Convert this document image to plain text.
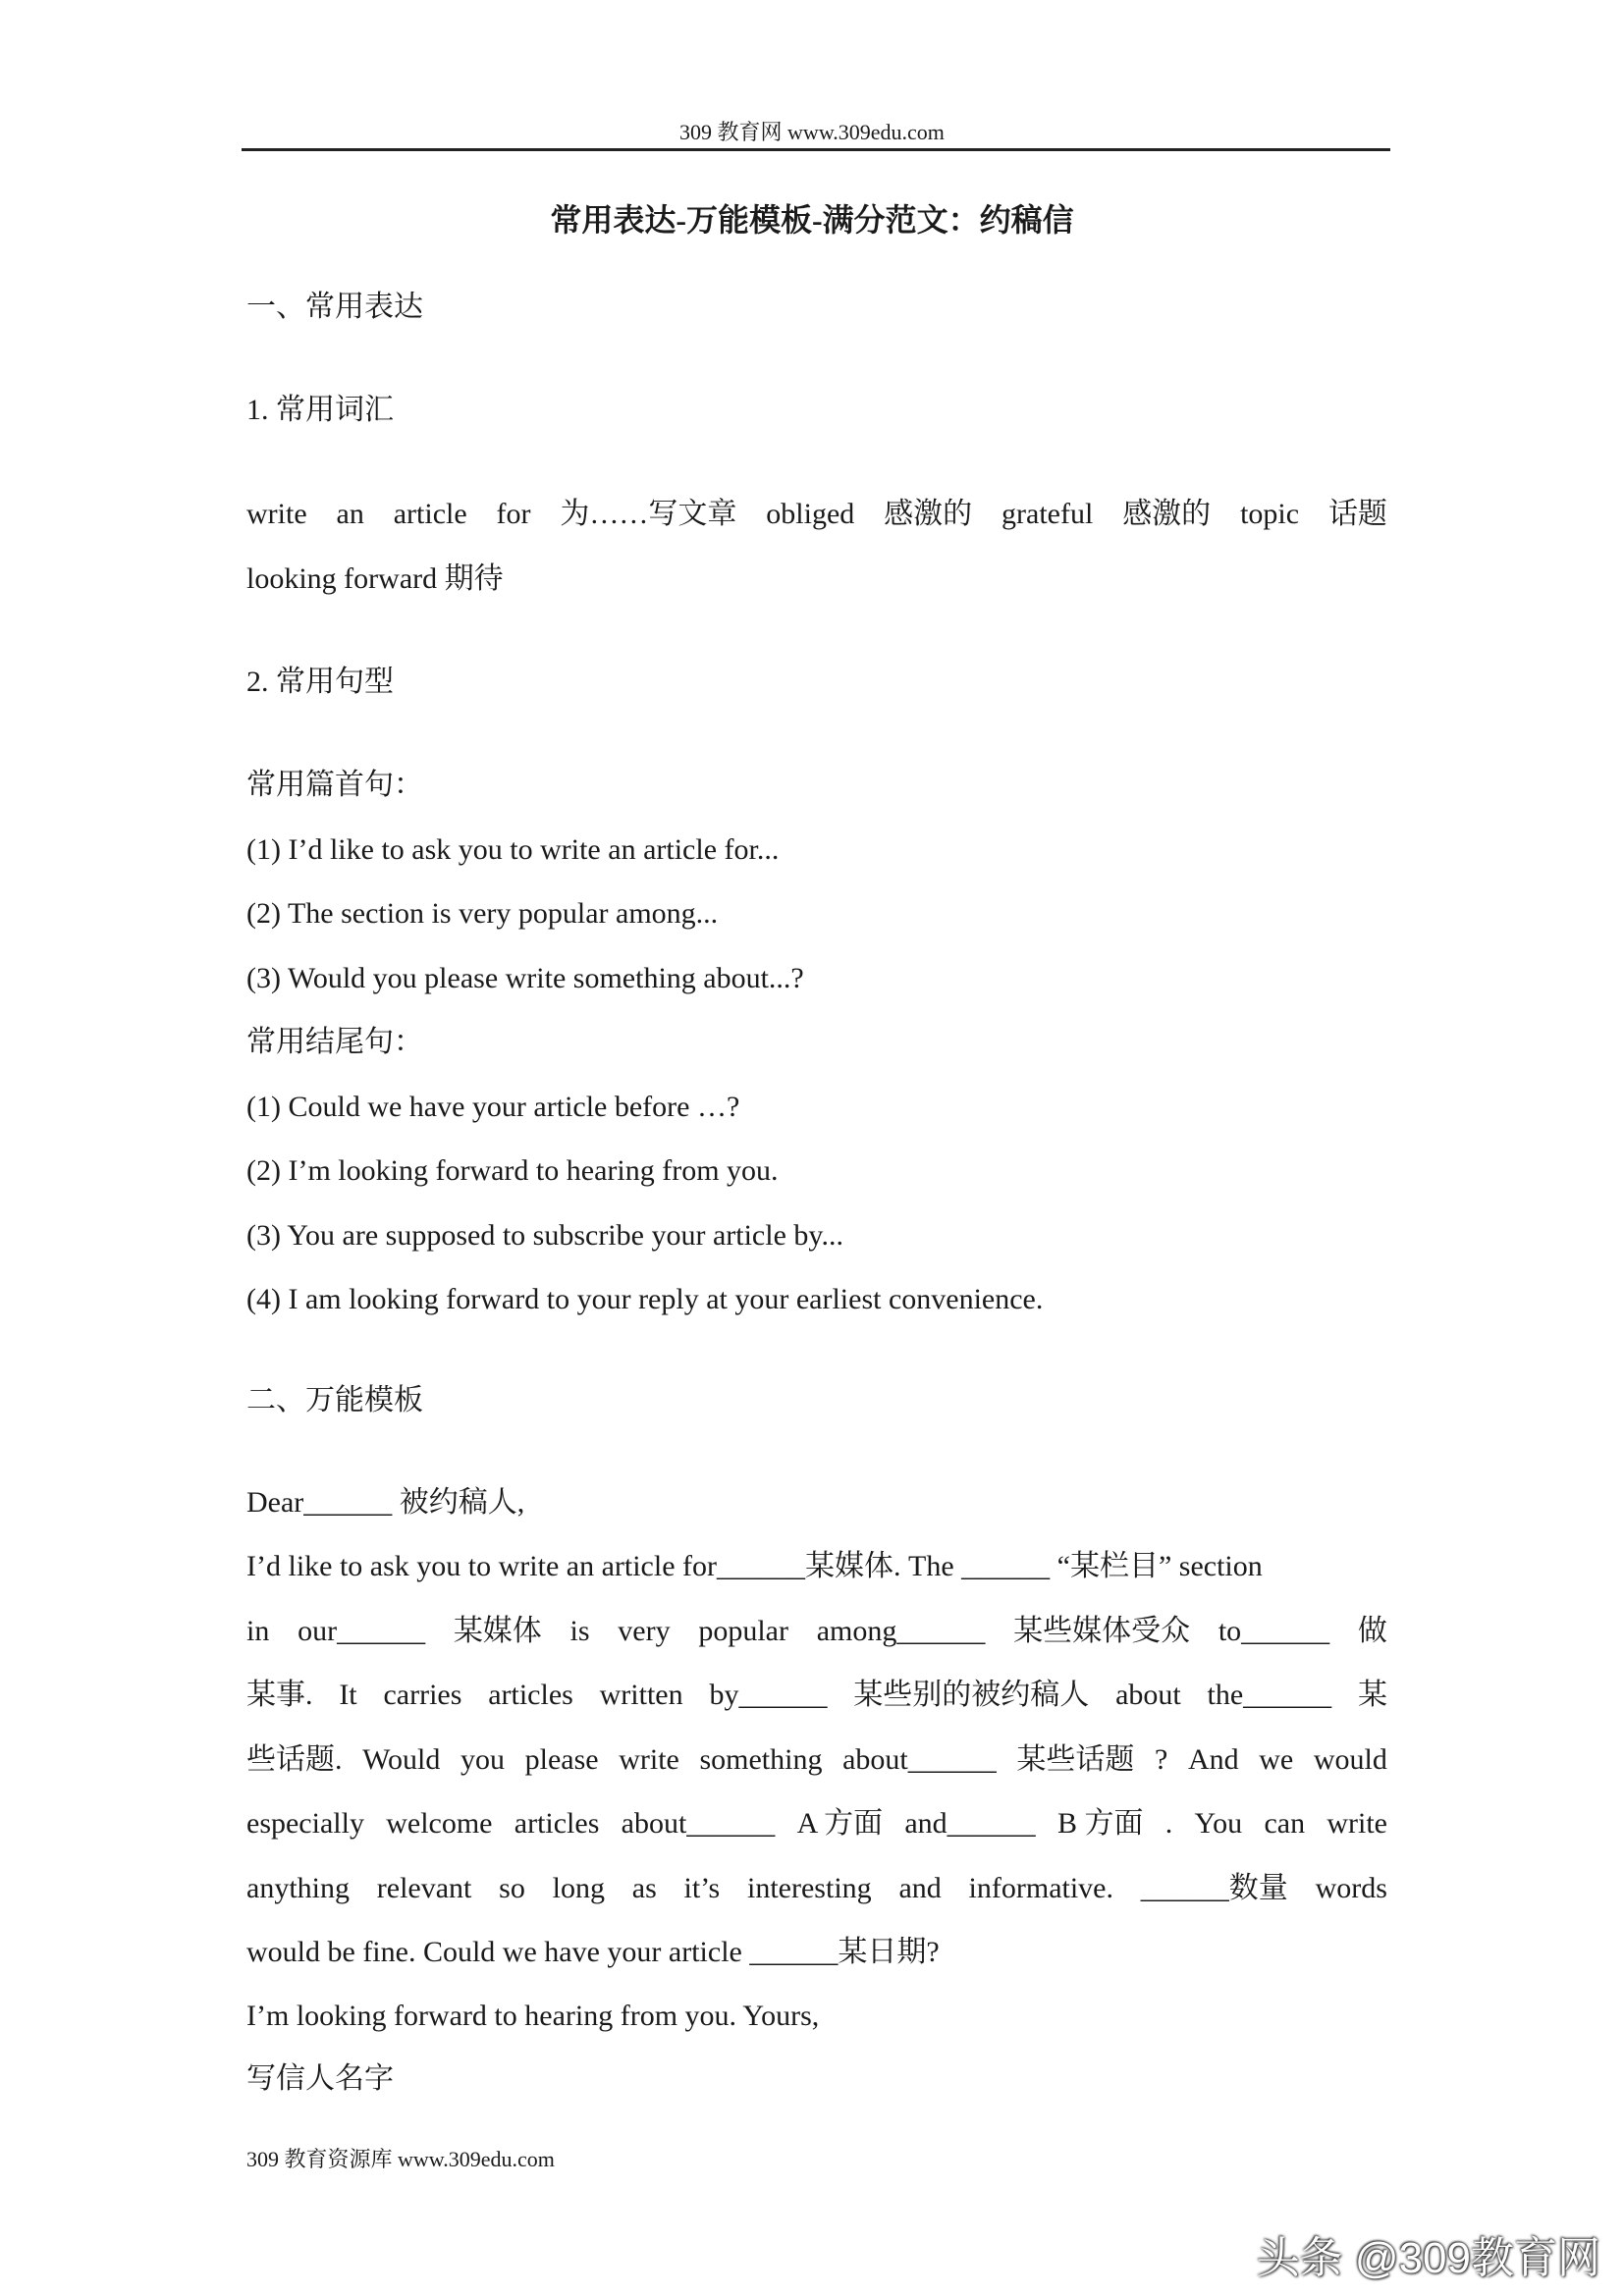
309 教育网 www.309edu.com
常用表达-万能模板-满分范文：约稿信
一、常用表达
1. 常用词汇
write an article for 为……写文章 obliged 感激的 grateful 感激的 topic 话题
looking forward 期待
2. 常用句型
常用篇首句：
(1) I’d like to ask you to write an article for...
(2) The section is very popular among...
(3) Would you please write something about...?
常用结尾句：
(1) Could we have your article before …?
(2) I’m looking forward to hearing from you.
(3) You are supposed to subscribe your article by...
(4) I am looking forward to your reply at your earliest convenience.
二、万能模板
Dear______ 被约稿人,
I’d like to ask you to write an article for______某媒体. The ______ “某栏目” section
in our______ 某媒体 is very popular among______ 某些媒体受众 to______ 做
某事. It carries articles written by______ 某些别的被约稿人 about the______ 某
些话题. Would you please write something about______ 某些话题 ? And we would
especially welcome articles about______ A 方面 and______ B 方面 . You can write
anything relevant so long as it’s interesting and informative. ______数量 words
would be fine. Could we have your article ______某日期?
I’m looking forward to hearing from you. Yours,
写信人名字
309 教育资源库 www.309edu.com
头条 @309教育网
